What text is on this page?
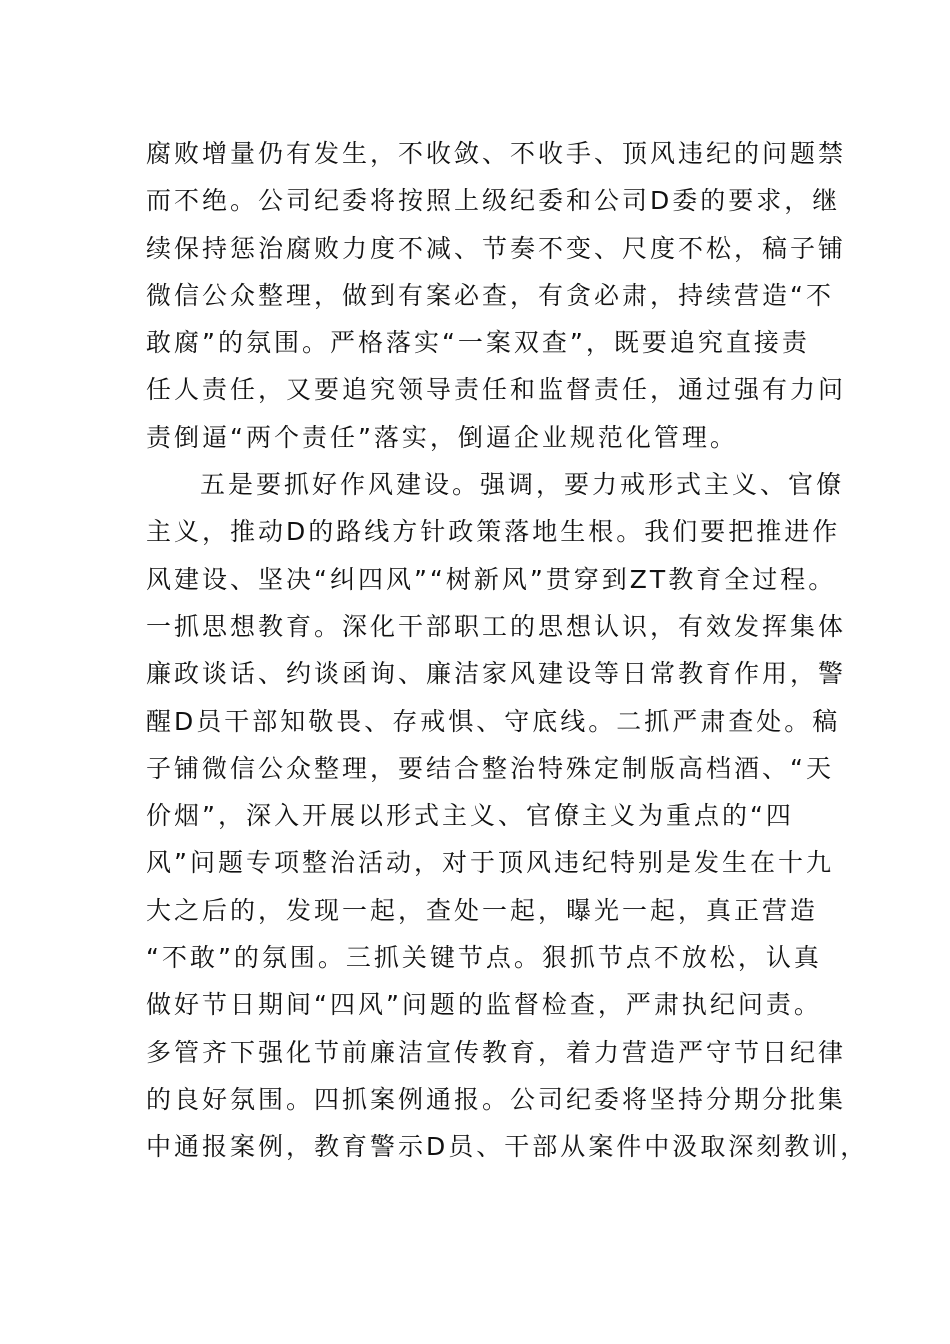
腐败增量仍有发生，不收敛、不收手、顶风违纪的问题禁
而不绝。公司纪委将按照上级纪委和公司D委的要求，继
续保持惩治腐败力度不减、节奏不变、尺度不松，稿子铺
微信公众整理，做到有案必查，有贪必肃，持续营造“不
敢腐”的氛围。严格落实“一案双查”，既要追究直接责
任人责任，又要追究领导责任和监督责任，通过强有力问
责倒逼“两个责任”落实，倒逼企业规范化管理。
五是要抓好作风建设。强调，要力戒形式主义、官僚
主义，推动D的路线方针政策落地生根。我们要把推进作
风建设、坚决“纠四风”“树新风”贯穿到ZT教育全过程。
一抓思想教育。深化干部职工的思想认识，有效发挥集体
廉政谈话、约谈函询、廉洁家风建设等日常教育作用，警
醒D员干部知敬畏、存戒惧、守底线。二抓严肃查处。稿
子铺微信公众整理，要结合整治特殊定制版高档酒、“天
价烟”，深入开展以形式主义、官僚主义为重点的“四
风”问题专项整治活动，对于顶风违纪特别是发生在十九
大之后的，发现一起，查处一起，曝光一起，真正营造
“不敢”的氛围。三抓关键节点。狠抓节点不放松，认真
做好节日期间“四风”问题的监督检查，严肃执纪问责。
多管齐下强化节前廉洁宣传教育，着力营造严守节日纪律
的良好氛围。四抓案例通报。公司纪委将坚持分期分批集
中通报案例，教育警示D员、干部从案件中汲取深刻教训，
